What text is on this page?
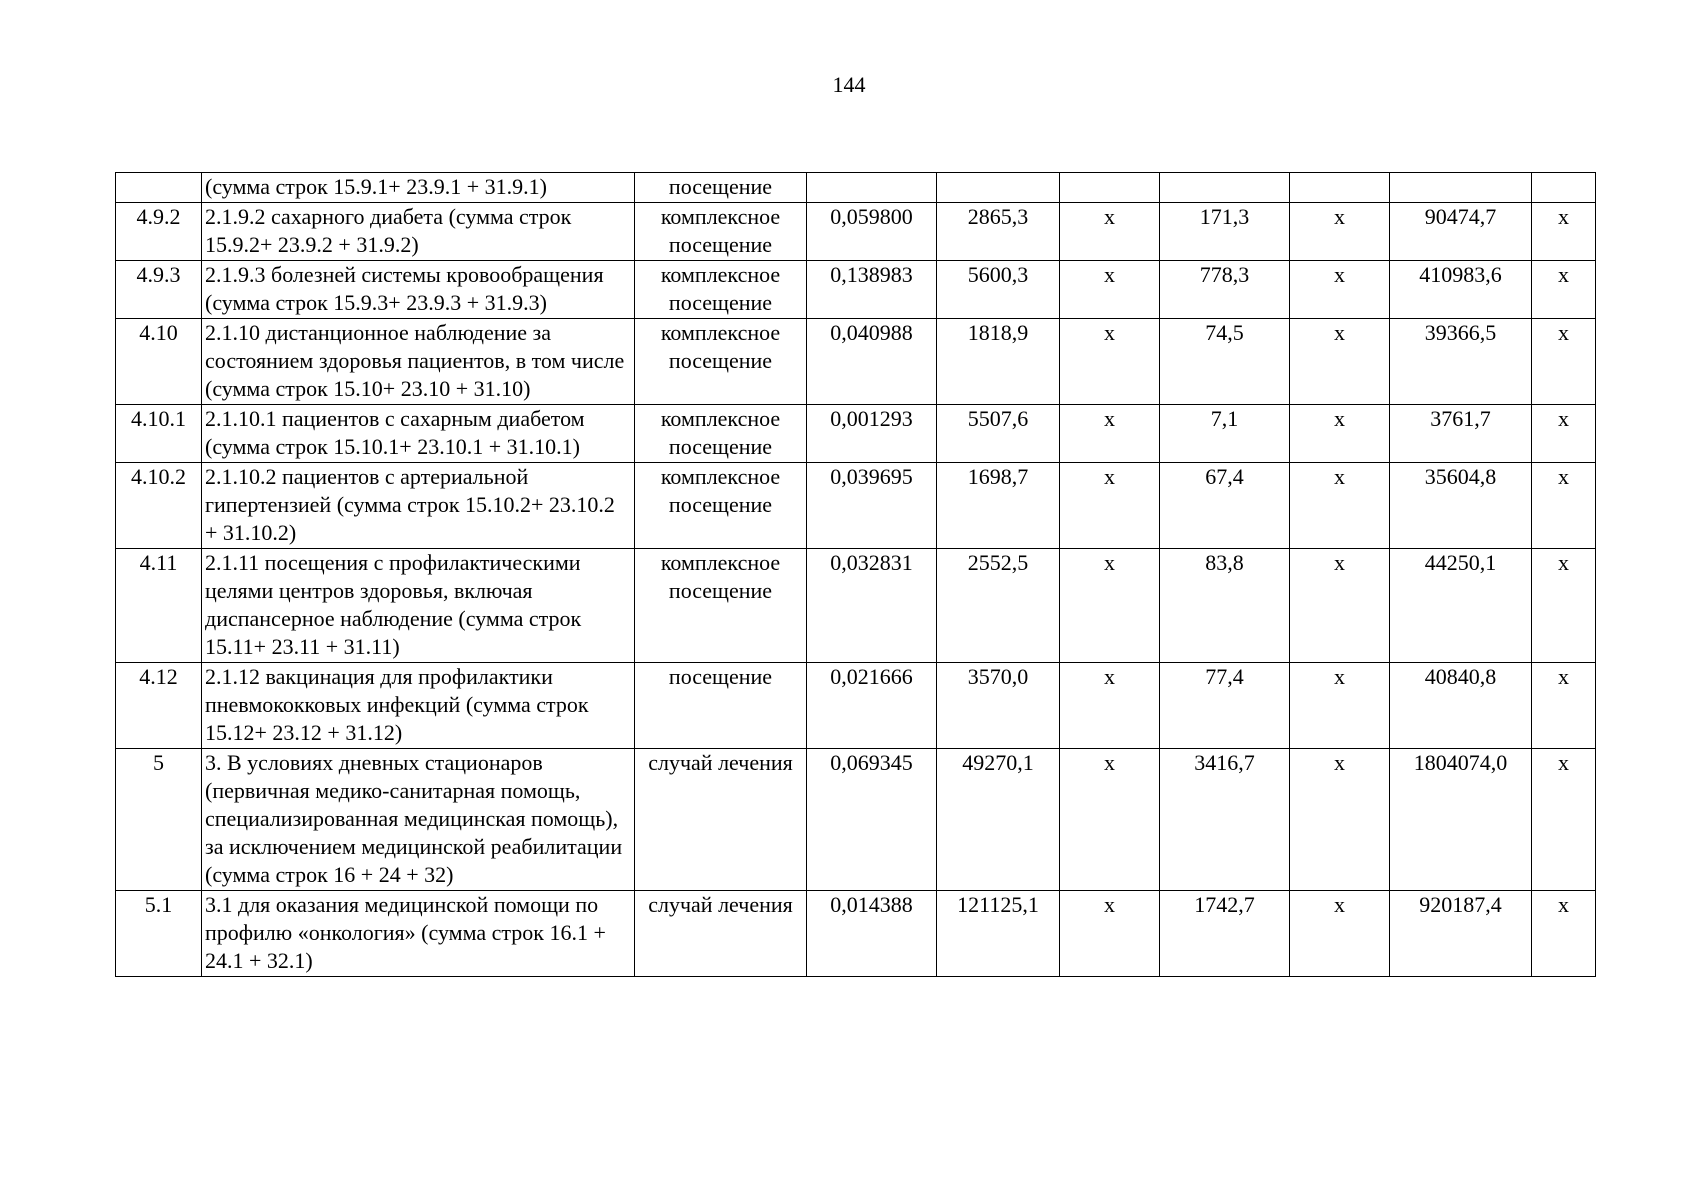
144
	(сумма строк 15.9.1+ 23.9.1 + 31.9.1)	посещение							
4.9.2	2.1.9.2 сахарного диабета (сумма строк 15.9.2+ 23.9.2 + 31.9.2)	комплексное посещение	0,059800	2865,3	х	171,3	х	90474,7	х
4.9.3	2.1.9.3 болезней системы кровообращения (сумма строк 15.9.3+ 23.9.3 + 31.9.3)	комплексное посещение	0,138983	5600,3	х	778,3	х	410983,6	х
4.10	2.1.10 дистанционное наблюдение за состоянием здоровья пациентов, в том числе (сумма строк 15.10+ 23.10 + 31.10)	комплексное посещение	0,040988	1818,9	х	74,5	х	39366,5	х
4.10.1	2.1.10.1 пациентов с сахарным диабетом (сумма строк 15.10.1+ 23.10.1 + 31.10.1)	комплексное посещение	0,001293	5507,6	х	7,1	х	3761,7	х
4.10.2	2.1.10.2 пациентов с артериальной гипертензией (сумма строк 15.10.2+ 23.10.2 + 31.10.2)	комплексное посещение	0,039695	1698,7	х	67,4	х	35604,8	х
4.11	2.1.11 посещения с профилактическими целями центров здоровья, включая диспансерное наблюдение (сумма строк 15.11+ 23.11 + 31.11)	комплексное посещение	0,032831	2552,5	х	83,8	х	44250,1	х
4.12	2.1.12 вакцинация для профилактики пневмококковых инфекций (сумма строк 15.12+ 23.12 + 31.12)	посещение	0,021666	3570,0	х	77,4	х	40840,8	х
5	3. В условиях дневных стационаров (первичная медико-санитарная помощь, специализированная медицинская помощь), за исключением медицинской реабилитации (сумма строк 16 + 24 + 32)	случай лечения	0,069345	49270,1	х	3416,7	х	1804074,0	х
5.1	3.1 для оказания медицинской помощи по профилю «онкология» (сумма строк 16.1 + 24.1 + 32.1)	случай лечения	0,014388	121125,1	х	1742,7	х	920187,4	х
